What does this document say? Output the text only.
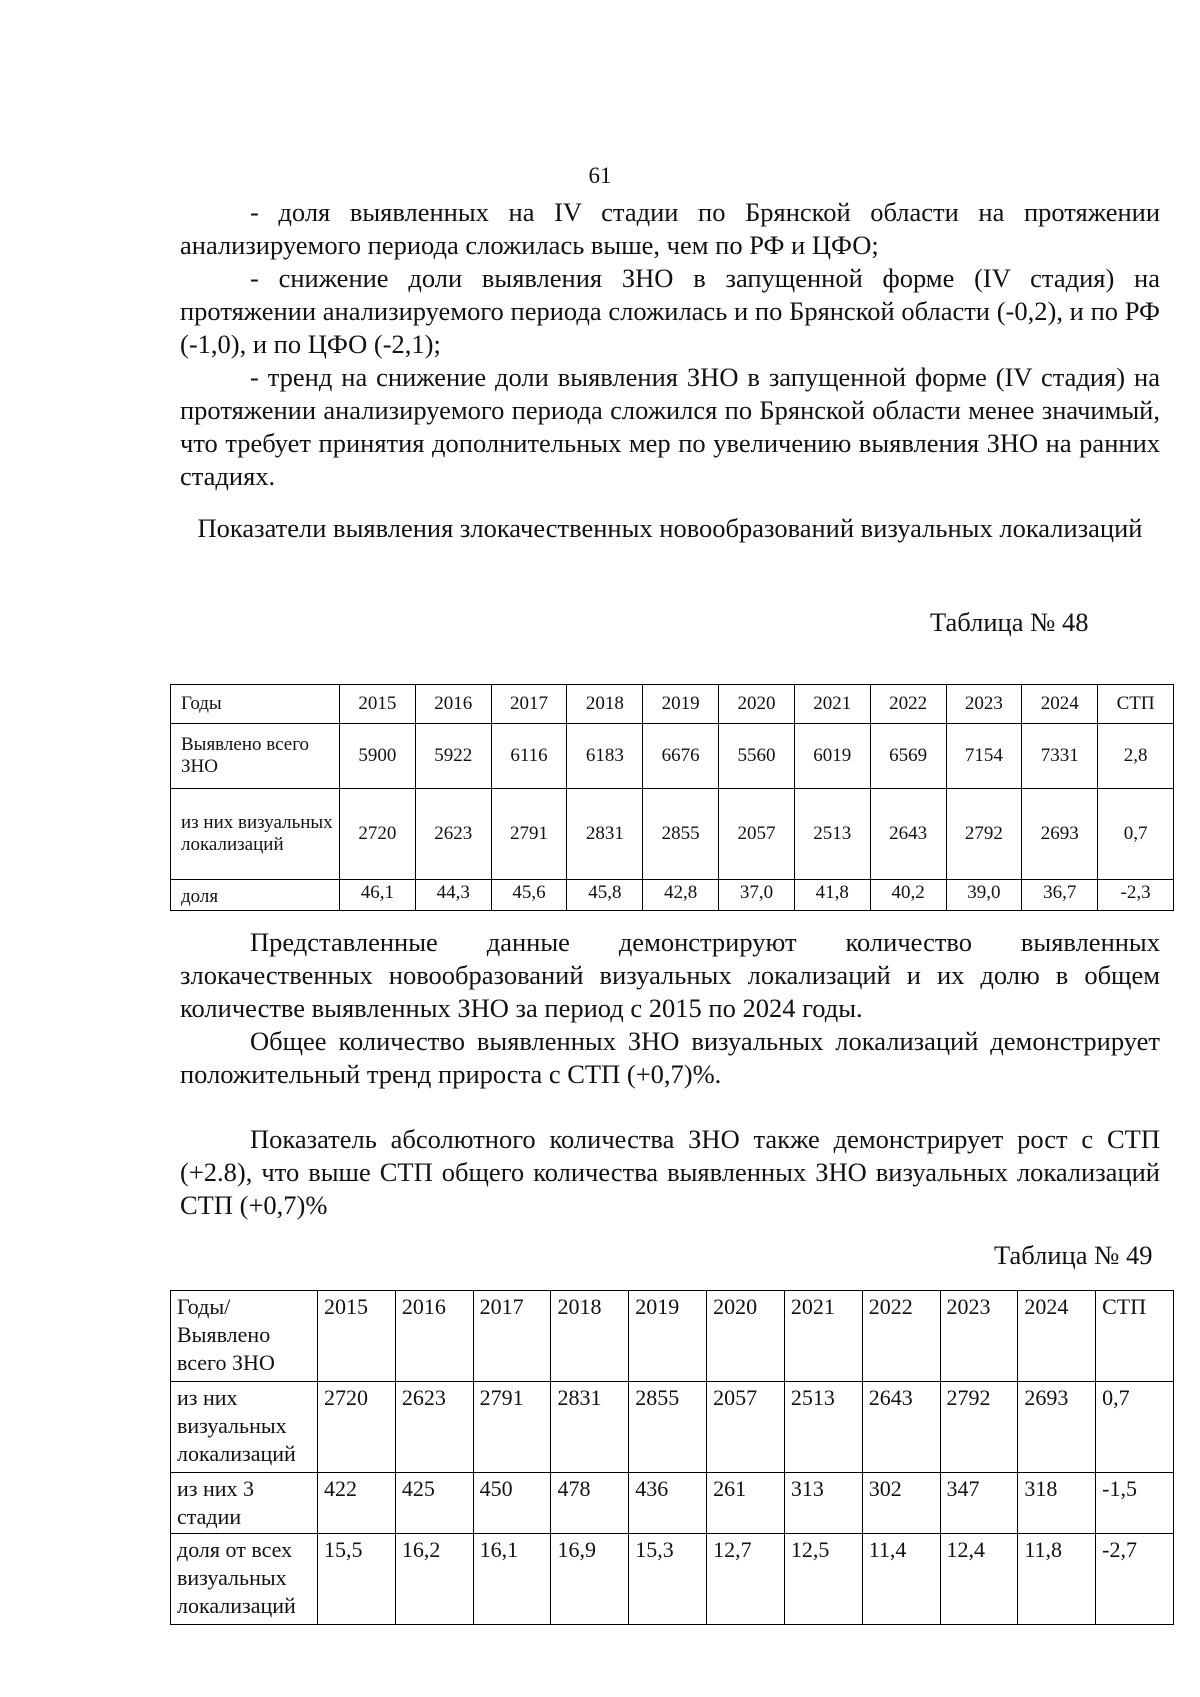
61

- доля выявленных на IV стадии по Брянской области на протяжении анализируемого периода сложилась выше, чем по РФ и ЦФО;

- снижение доли выявления ЗНО в запущенной форме (IV стадия) на протяжении анализируемого периода сложилась и по Брянской области (-0,2), и по РФ (-1,0), и по ЦФО (-2,1);

- тренд на снижение доли выявления ЗНО в запущенной форме (IV стадия) на протяжении анализируемого периода сложился по Брянской области менее значимый, что требует принятия дополнительных мер по увеличению выявления ЗНО на ранних стадиях.

Показатели выявления злокачественных новообразований визуальных локализаций
Таблица № 48
Годы	2015	2016	2017	2018	2019	2020	2021	2022	2023	2024	СТП
Выявлено всего ЗНО	5900	5922	6116	6183	6676	5560	6019	6569	7154	7331	2,8
из них визуальных локализаций	2720	2623	2791	2831	2855	2057	2513	2643	2792	2693	0,7
доля	46,1	44,3	45,6	45,8	42,8	37,0	41,8	40,2	39,0	36,7	-2,3

Представленные данные демонстрируют количество выявленных злокачественных новообразований визуальных локализаций и их долю в общем количестве выявленных ЗНО за период с 2015 по 2024 годы.

Общее количество выявленных ЗНО визуальных локализаций демонстрирует положительный тренд прироста с СТП (+0,7)%.

Показатель абсолютного количества ЗНО также демонстрирует рост с СТП (+2.8), что выше СТП общего количества выявленных ЗНО визуальных локализаций СТП (+0,7)%

Таблица № 49
Годы/ Выявлено всего ЗНО	2015	2016	2017	2018	2019	2020	2021	2022	2023	2024	СТП
из них визуальных локализаций	2720	2623	2791	2831	2855	2057	2513	2643	2792	2693	0,7
из них 3 стадии	422	425	450	478	436	261	313	302	347	318	-1,5
доля от всех визуальных локализаций	15,5	16,2	16,1	16,9	15,3	12,7	12,5	11,4	12,4	11,8	-2,7
